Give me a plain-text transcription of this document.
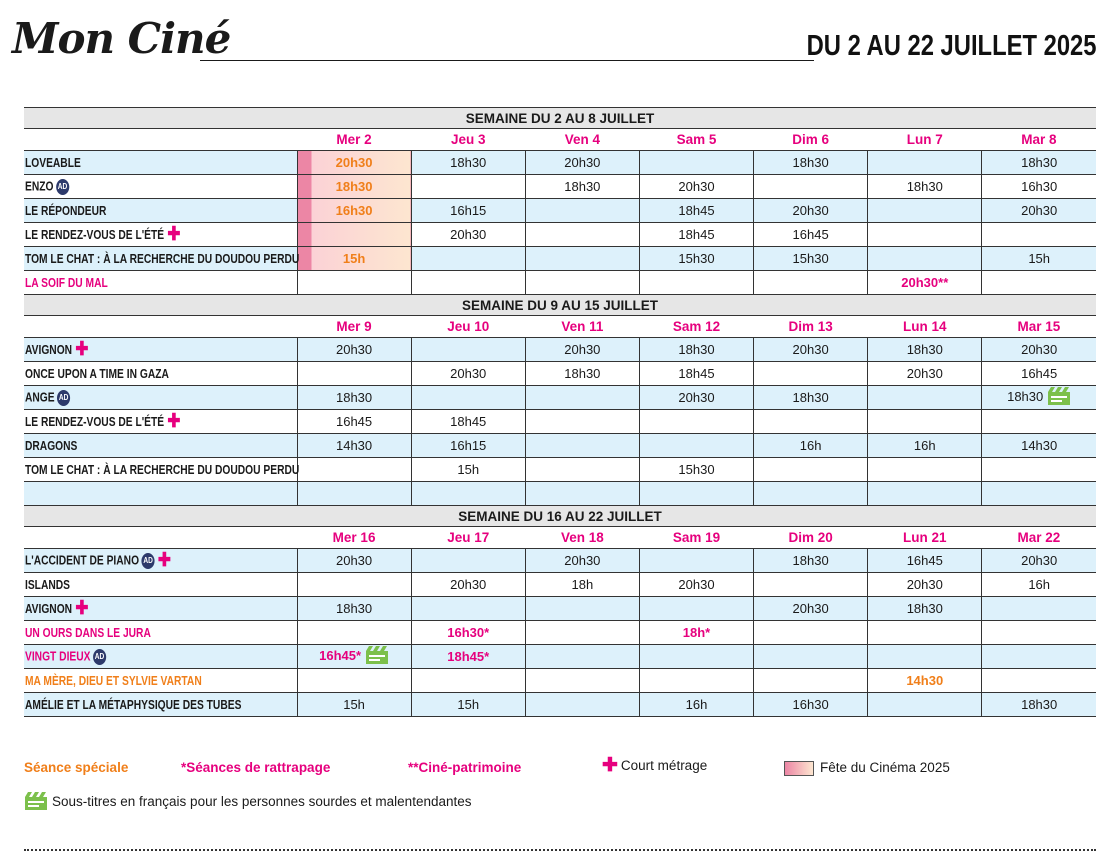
Mon Ciné	DU 2 AU 22 JUILLET 2025
SEMAINE DU 2 AU 8 JUILLET							
	Mer 2	Jeu 3	Ven 4	Sam 5	Dim 6	Lun 7	Mar 8
LOVEABLE	20h30	18h30	20h30		18h30		18h30
ENZO AD	18h30		18h30	20h30		18h30	16h30
LE RÉPONDEUR	16h30	16h15		18h45	20h30		20h30
LE RENDEZ-VOUS DE L'ÉTÉ ✚		20h30		18h45	16h45		
TOM LE CHAT : À LA RECHERCHE DU DOUDOU PERDU	15h			15h30	15h30		15h
LA SOIF DU MAL						20h30**	
SEMAINE DU 9 AU 15 JUILLET							
	Mer 9	Jeu 10	Ven 11	Sam 12	Dim 13	Lun 14	Mar 15
AVIGNON ✚	20h30		20h30	18h30	20h30	18h30	20h30
ONCE UPON A TIME IN GAZA		20h30	18h30	18h45		20h30	16h45
ANGE AD	18h30			20h30	18h30		18h30
LE RENDEZ-VOUS DE L'ÉTÉ ✚	16h45	18h45					
DRAGONS	14h30	16h15			16h	16h	14h30
TOM LE CHAT : À LA RECHERCHE DU DOUDOU PERDU		15h		15h30			

SEMAINE DU 16 AU 22 JUILLET							
	Mer 16	Jeu 17	Ven 18	Sam 19	Dim 20	Lun 21	Mar 22
L'ACCIDENT DE PIANO AD ✚	20h30		20h30		18h30	16h45	20h30
ISLANDS		20h30	18h	20h30		20h30	16h
AVIGNON ✚	18h30				20h30	18h30	
UN OURS DANS LE JURA		16h30*		18h*			
VINGT DIEUX AD	16h45*	18h45*					
MA MÈRE, DIEU ET SYLVIE VARTAN						14h30	
AMÉLIE ET LA MÉTAPHYSIQUE DES TUBES	15h	15h		16h	16h30		18h30
Séance spéciale	*Séances de rattrapage	**Ciné-patrimoine	✚ Court métrage	Fête du Cinéma 2025
Sous-titres en français pour les personnes sourdes et malentendantes
